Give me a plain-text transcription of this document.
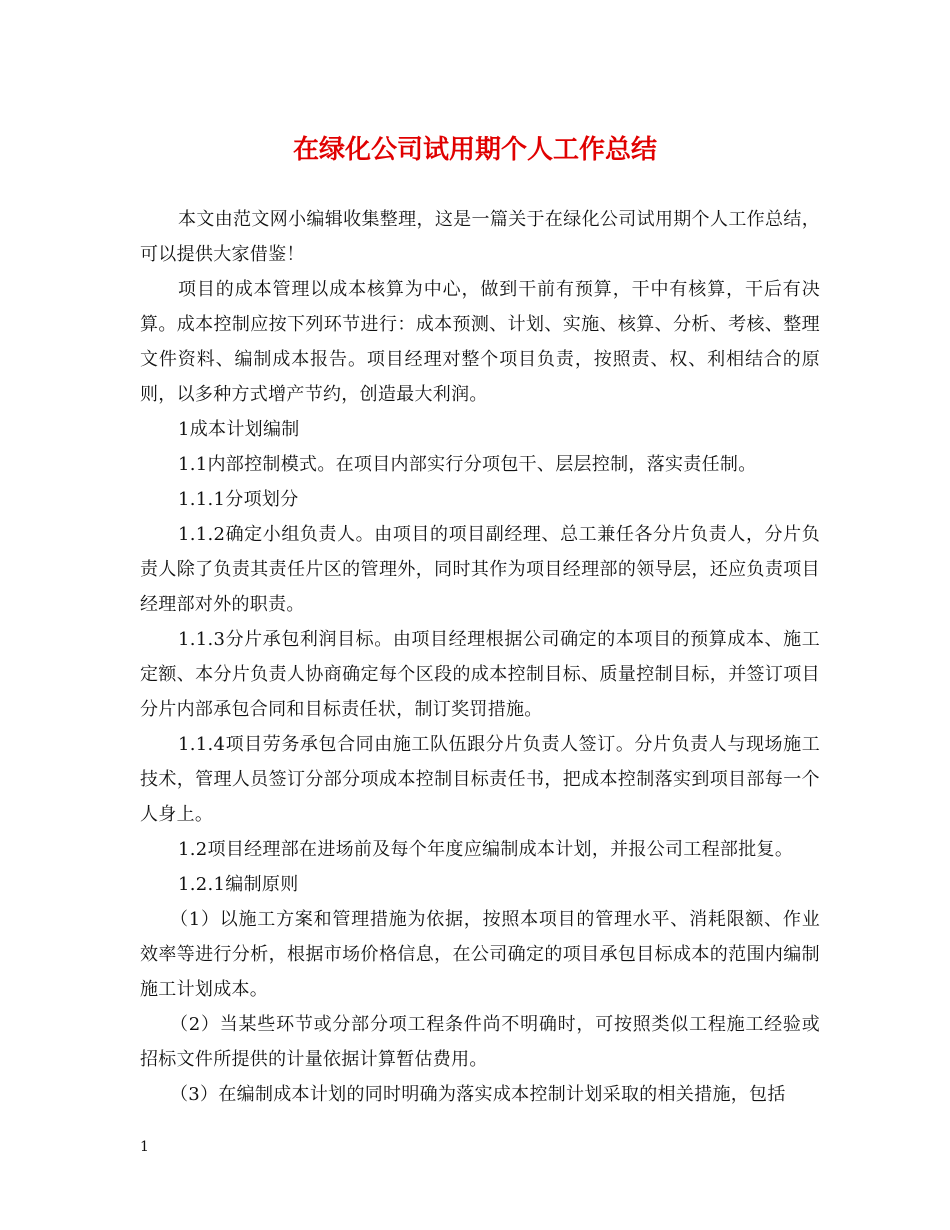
在绿化公司试用期个人工作总结

本文由范文网小编辑收集整理，这是一篇关于在绿化公司试用期个人工作总结，可以提供大家借鉴！

项目的成本管理以成本核算为中心，做到干前有预算，干中有核算，干后有决算。成本控制应按下列环节进行：成本预测、计划、实施、核算、分析、考核、整理文件资料、编制成本报告。项目经理对整个项目负责，按照责、权、利相结合的原则，以多种方式增产节约，创造最大利润。

1成本计划编制

1.1内部控制模式。在项目内部实行分项包干、层层控制，落实责任制。

1.1.1分项划分

1.1.2确定小组负责人。由项目的项目副经理、总工兼任各分片负责人，分片负责人除了负责其责任片区的管理外，同时其作为项目经理部的领导层，还应负责项目经理部对外的职责。

1.1.3分片承包利润目标。由项目经理根据公司确定的本项目的预算成本、施工定额、本分片负责人协商确定每个区段的成本控制目标、质量控制目标，并签订项目分片内部承包合同和目标责任状，制订奖罚措施。

1.1.4项目劳务承包合同由施工队伍跟分片负责人签订。分片负责人与现场施工技术，管理人员签订分部分项成本控制目标责任书，把成本控制落实到项目部每一个人身上。

1.2项目经理部在进场前及每个年度应编制成本计划，并报公司工程部批复。

1.2.1编制原则

（1）以施工方案和管理措施为依据，按照本项目的管理水平、消耗限额、作业效率等进行分析，根据市场价格信息，在公司确定的项目承包目标成本的范围内编制施工计划成本。

（2）当某些环节或分部分项工程条件尚不明确时，可按照类似工程施工经验或招标文件所提供的计量依据计算暂估费用。

（3）在编制成本计划的同时明确为落实成本控制计划采取的相关措施，包括

1
